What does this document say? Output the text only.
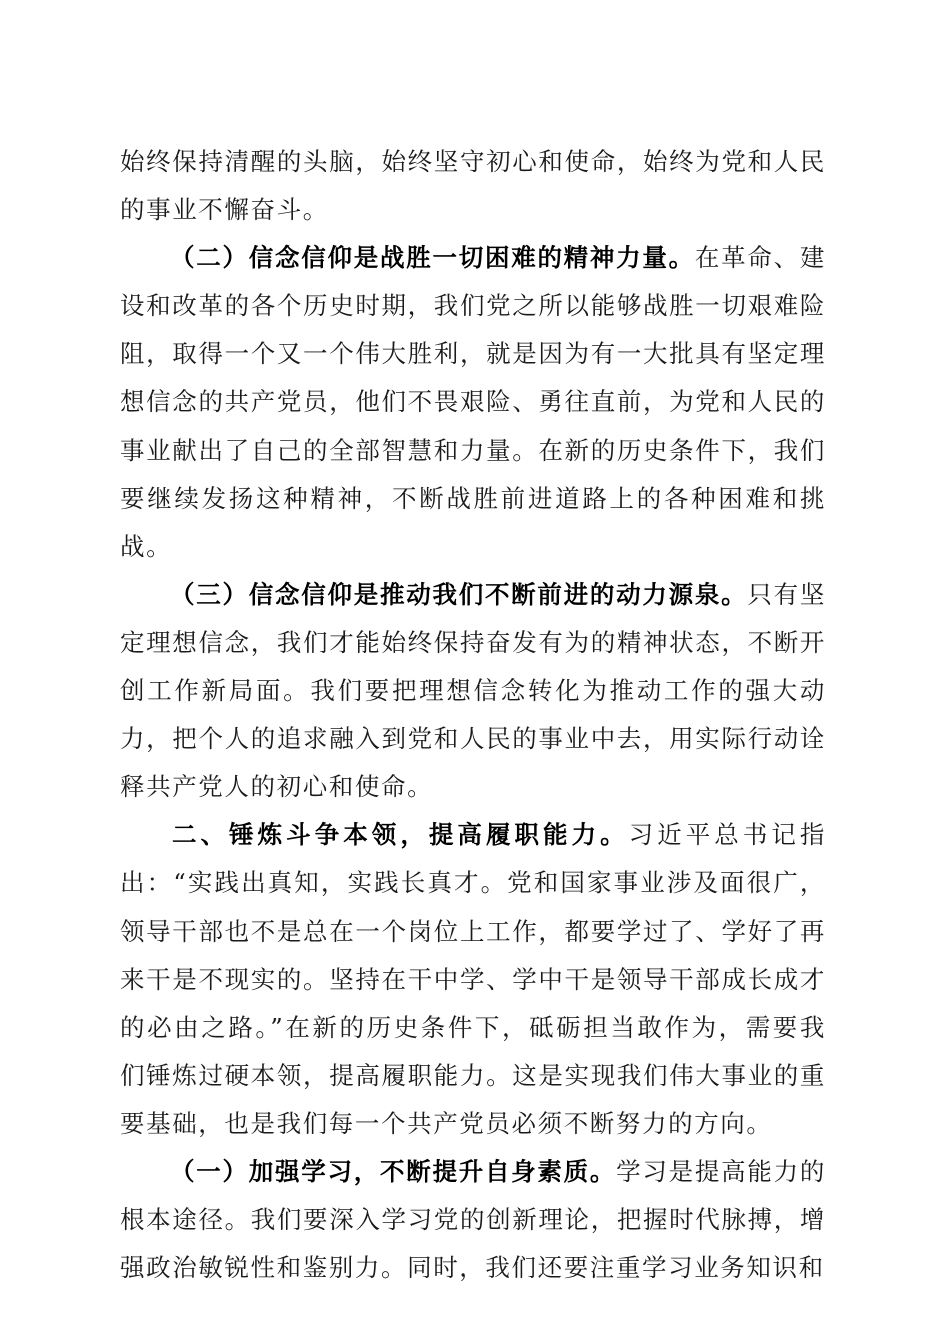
始终保持清醒的头脑，始终坚守初心和使命，始终为党和人民的事业不懈奋斗。

（二）信念信仰是战胜一切困难的精神力量。在革命、建设和改革的各个历史时期，我们党之所以能够战胜一切艰难险阻，取得一个又一个伟大胜利，就是因为有一大批具有坚定理想信念的共产党员，他们不畏艰险、勇往直前，为党和人民的事业献出了自己的全部智慧和力量。在新的历史条件下，我们要继续发扬这种精神，不断战胜前进道路上的各种困难和挑战。

（三）信念信仰是推动我们不断前进的动力源泉。只有坚定理想信念，我们才能始终保持奋发有为的精神状态，不断开创工作新局面。我们要把理想信念转化为推动工作的强大动力，把个人的追求融入到党和人民的事业中去，用实际行动诠释共产党人的初心和使命。

二、锤炼斗争本领，提高履职能力。习近平总书记指出：“实践出真知，实践长真才。党和国家事业涉及面很广，领导干部也不是总在一个岗位上工作，都要学过了、学好了再来干是不现实的。坚持在干中学、学中干是领导干部成长成才的必由之路。”在新的历史条件下，砥砺担当敢作为，需要我们锤炼过硬本领，提高履职能力。这是实现我们伟大事业的重要基础，也是我们每一个共产党员必须不断努力的方向。

（一）加强学习，不断提升自身素质。学习是提高能力的根本途径。我们要深入学习党的创新理论，把握时代脉搏，增强政治敏锐性和鉴别力。同时，我们还要注重学习业务知识和
